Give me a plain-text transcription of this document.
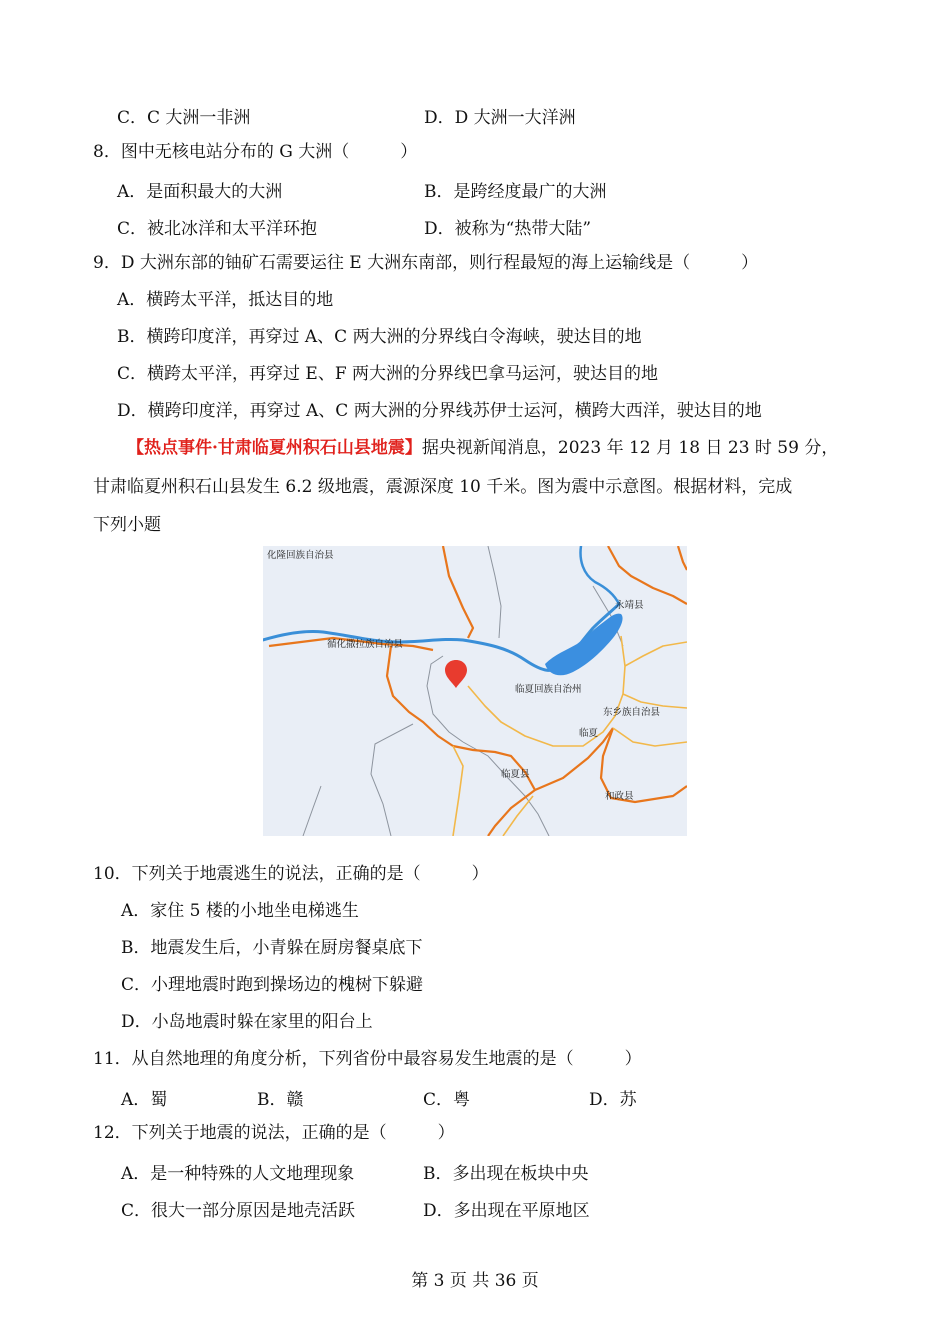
C．C 大洲一非洲	D．D 大洲一大洋洲
8．图中无核电站分布的 G 大洲（　　　）
A．是面积最大的大洲	B．是跨经度最广的大洲
C．被北冰洋和太平洋环抱	D．被称为“热带大陆”
9．D 大洲东部的铀矿石需要运往 E 大洲东南部，则行程最短的海上运输线是（　　　）
A．横跨太平洋，抵达目的地
B．横跨印度洋，再穿过 A、C 两大洲的分界线白令海峡，驶达目的地
C．横跨太平洋，再穿过 E、F 两大洲的分界线巴拿马运河，驶达目的地
D．横跨印度洋，再穿过 A、C 两大洲的分界线苏伊士运河，横跨大西洋，驶达目的地
【热点事件·甘肃临夏州积石山县地震】据央视新闻消息，2023 年 12 月 18 日 23 时 59 分，
甘肃临夏州积石山县发生 6.2 级地震，震源深度 10 千米。图为震中示意图。根据材料，完成
下列小题
化隆回族自治县
永靖县
循化撒拉族自治县
临夏回族自治州
东乡族自治县
临夏
临夏县
和政县
10．下列关于地震逃生的说法，正确的是（　　　）
A．家住 5 楼的小地坐电梯逃生
B．地震发生后，小青躲在厨房餐桌底下
C．小理地震时跑到操场边的槐树下躲避
D．小岛地震时躲在家里的阳台上
11．从自然地理的角度分析，下列省份中最容易发生地震的是（　　　）
A．蜀	B．赣	C．粤	D．苏
12．下列关于地震的说法，正确的是（　　　）
A．是一种特殊的人文地理现象	B．多出现在板块中央
C．很大一部分原因是地壳活跃	D．多出现在平原地区
第 3 页 共 36 页
